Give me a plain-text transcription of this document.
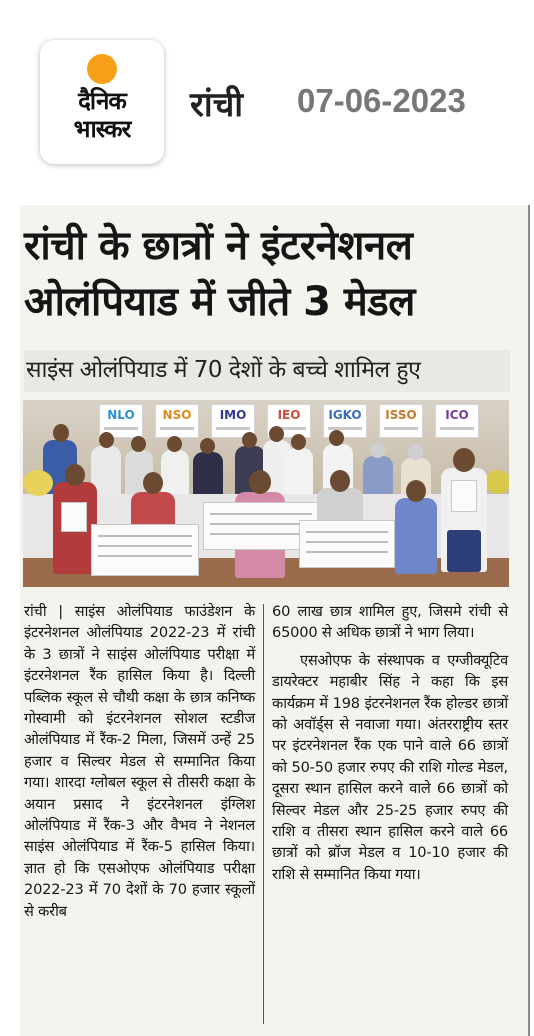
दैनिक
भास्कर
रांची 07-06-2023
रांची के छात्रों ने इंटरनेशनल
ओलंपियाड में जीते 3 मेडल
साइंस ओलंपियाड में 70 देशों के बच्चे शामिल हुए
NLO	NSO	IMO	IEO	IGKO	ISSO	ICO
रांची | साइंस ओलंपियाड फाउंडेशन के इंटरनेशनल ओलंपियाड 2022-23 में रांची के 3 छात्रों ने साइंस ओलंपियाड परीक्षा में इंटरनेशनल रैंक हासिल किया है। दिल्ली पब्लिक स्कूल से चौथी कक्षा के छात्र कनिष्क गोस्वामी को इंटरनेशनल सोशल स्टडीज ओलंपियाड में रैंक-2 मिला, जिसमें उन्हें 25 हजार व सिल्वर मेडल से सम्मानित किया गया। शारदा ग्लोबल स्कूल से तीसरी कक्षा के अयान प्रसाद ने इंटरनेशनल इंग्लिश ओलंपियाड में रैंक-3 और वैभव ने नेशनल साइंस ओलंपियाड में रैंक-5 हासिल किया। ज्ञात हो कि एसओएफ ओलंपियाड परीक्षा 2022-23 में 70 देशों के 70 हजार स्कूलों से करीब

60 लाख छात्र शामिल हुए, जिसमे रांची से 65000 से अधिक छात्रों ने भाग लिया।

एसओएफ के संस्थापक व एग्जीक्यूटिव डायरेक्टर महाबीर सिंह ने कहा कि इस कार्यक्रम में 198 इंटरनेशनल रैंक होल्डर छात्रों को अवॉर्ड्स से नवाजा गया। अंतरराष्ट्रीय स्तर पर इंटरनेशनल रैंक एक पाने वाले 66 छात्रों को 50-50 हजार रुपए की राशि गोल्ड मेडल, दूसरा स्थान हासिल करने वाले 66 छात्रों को सिल्वर मेडल और 25-25 हजार रुपए की राशि व तीसरा स्थान हासिल करने वाले 66 छात्रों को ब्रॉज मेडल व 10-10 हजार की राशि से सम्मानित किया गया।
